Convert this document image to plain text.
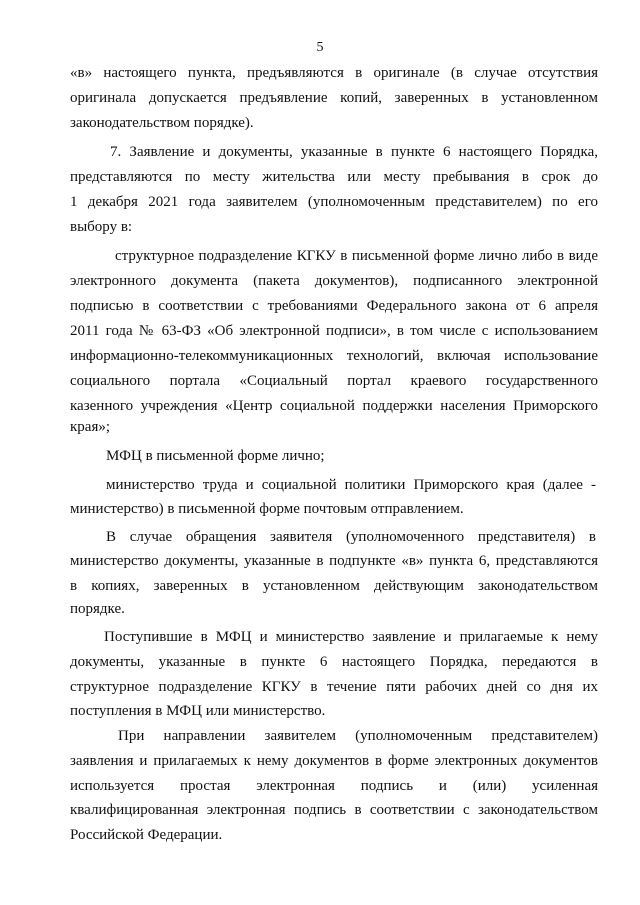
5
«в» настоящего пункта, предъявляются в оригинале (в случае отсутствия
оригинала допускается предъявление копий, заверенных в установленном
законодательством порядке).
7. Заявление и документы, указанные в пункте 6 настоящего Порядка,
представляются по месту жительства или месту пребывания в срок до
1 декабря 2021 года заявителем (уполномоченным представителем) по его
выбору в:
структурное подразделение КГКУ в письменной форме лично либо в виде
электронного документа (пакета документов), подписанного электронной
подписью в соответствии с требованиями Федерального закона от 6 апреля
2011 года № 63-ФЗ «Об электронной подписи», в том числе с использованием
информационно-телекоммуникационных технологий, включая использование
социального портала «Социальный портал краевого государственного
казенного учреждения «Центр социальной поддержки населения Приморского
края»;
МФЦ в письменной форме лично;
министерство труда и социальной политики Приморского края (далее -
министерство) в письменной форме почтовым отправлением.
В случае обращения заявителя (уполномоченного представителя) в
министерство документы, указанные в подпункте «в» пункта 6, представляются
в копиях, заверенных в установленном действующим законодательством
порядке.
Поступившие в МФЦ и министерство заявление и прилагаемые к нему
документы, указанные в пункте 6 настоящего Порядка, передаются в
структурное подразделение КГКУ в течение пяти рабочих дней со дня их
поступления в МФЦ или министерство.
При направлении заявителем (уполномоченным представителем)
заявления и прилагаемых к нему документов в форме электронных документов
используется простая электронная подпись и (или) усиленная
квалифицированная электронная подпись в соответствии с законодательством
Российской Федерации.
